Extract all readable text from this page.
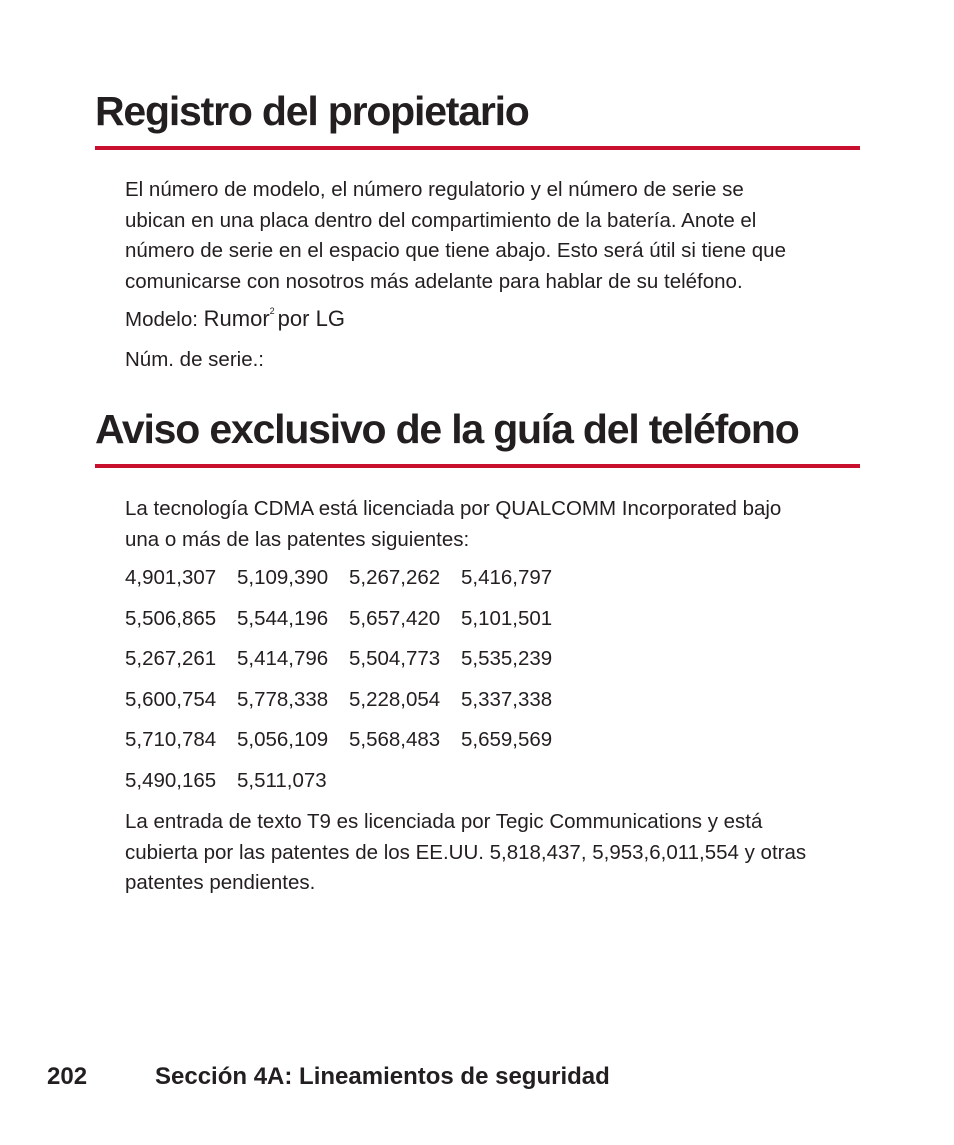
Registro del propietario

El número de modelo, el número regulatorio y el número de serie se

ubican en una placa dentro del compartimiento de la batería. Anote el

número de serie en el espacio que tiene abajo. Esto será útil si tiene que

comunicarse con nosotros más adelante para hablar de su teléfono.

Modelo: Rumor$^2$ por LG
Núm. de serie.:
Aviso exclusivo de la guía del teléfono

La tecnología CDMA está licenciada por QUALCOMM Incorporated bajo

una o más de las patentes siguientes:

4,901,307 5,109,390 5,267,262 5,416,797
5,506,865 5,544,196 5,657,420 5,101,501
5,267,261 5,414,796 5,504,773 5,535,239
5,600,754 5,778,338 5,228,054 5,337,338
5,710,784 5,056,109 5,568,483 5,659,569
5,490,165 5,511,073

La entrada de texto T9 es licenciada por Tegic Communications y está

cubierta por las patentes de los EE.UU. 5,818,437, 5,953,6,011,554 y otras

patentes pendientes.

202	Sección 4A: Lineamientos de seguridad
